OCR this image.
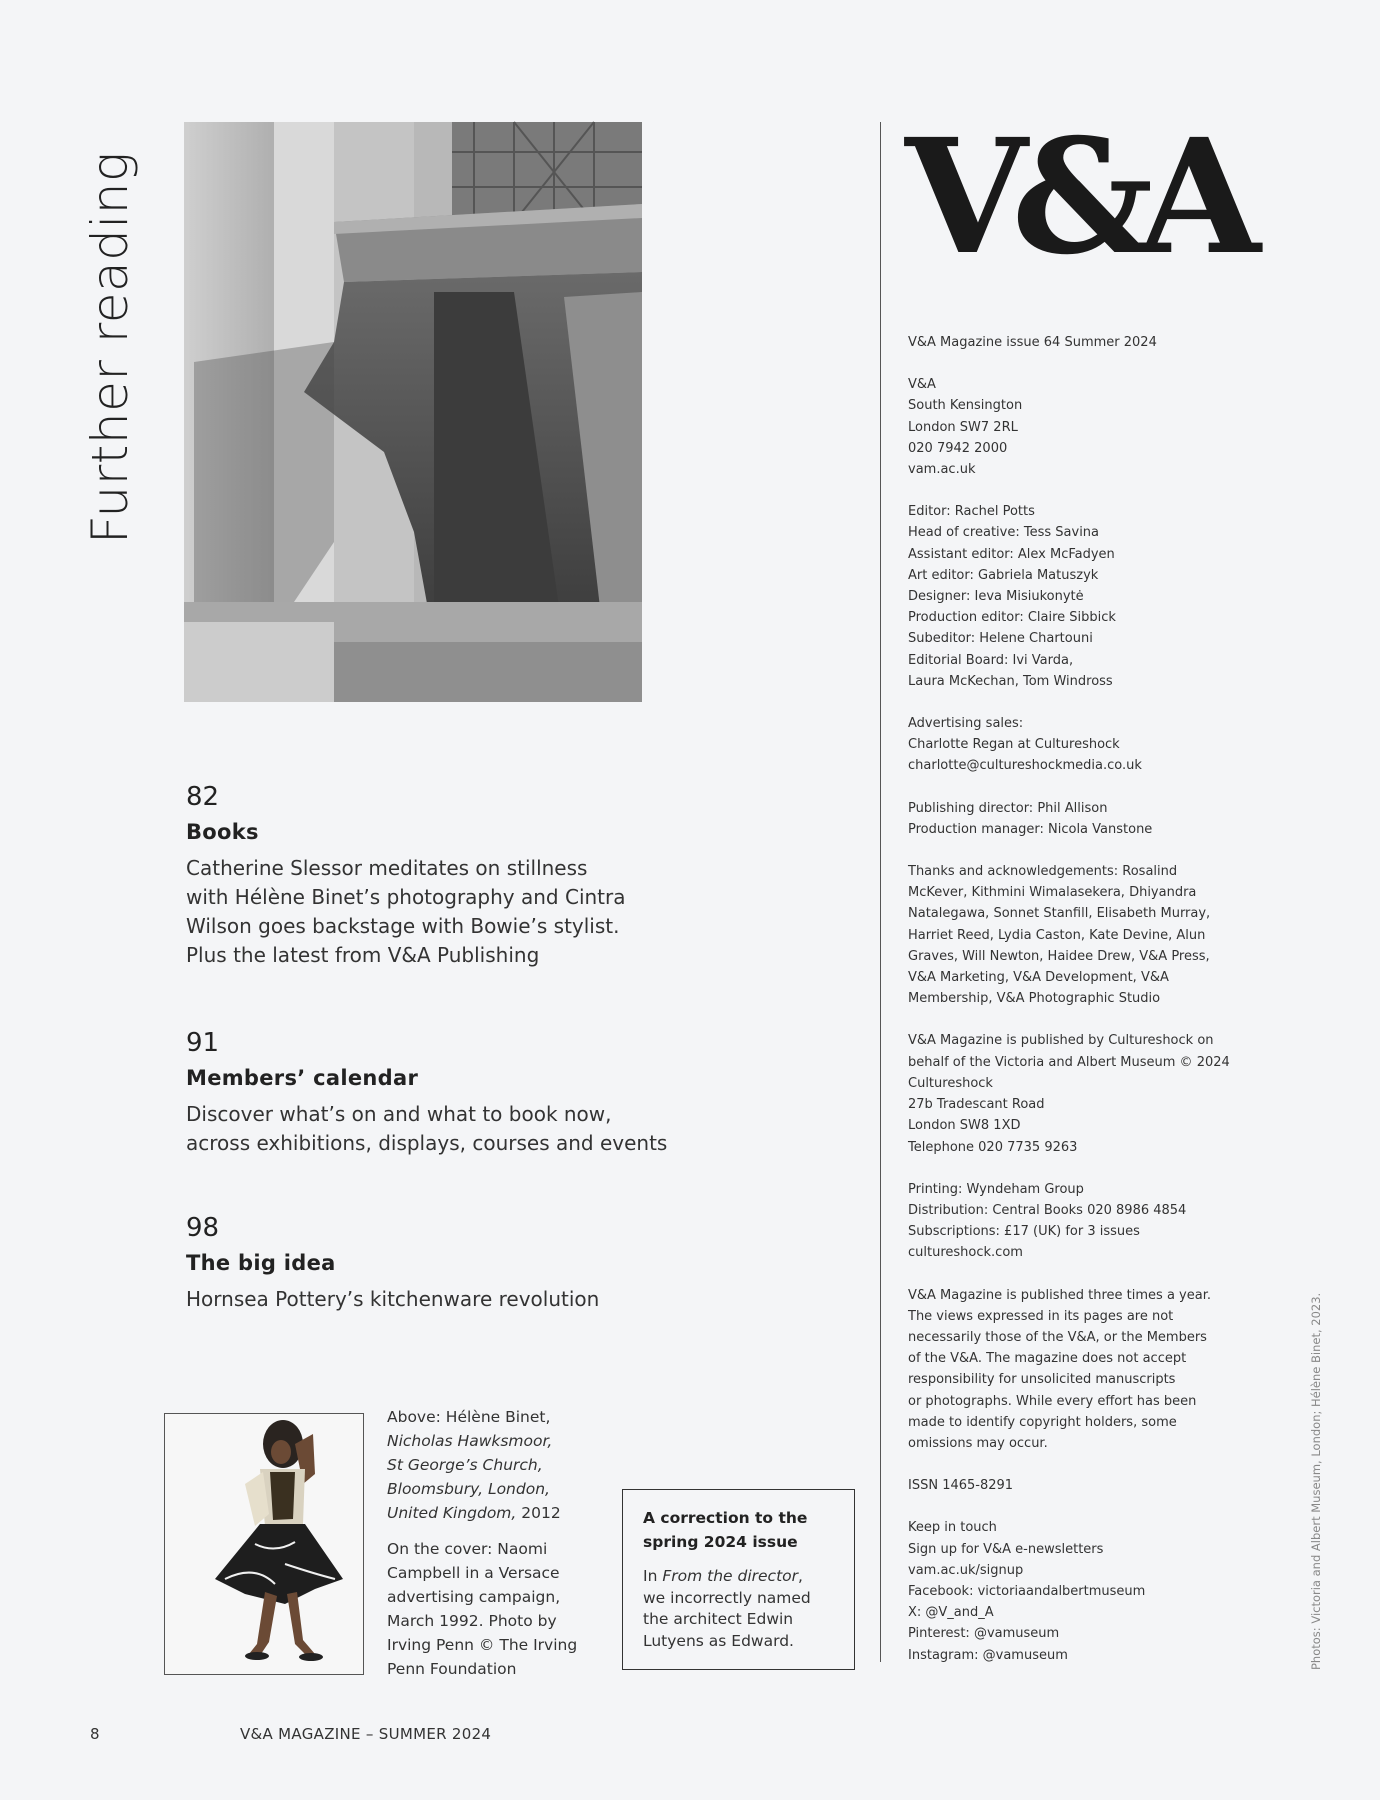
Further reading
82
Books
Catherine Slessor meditates on stillness
with Hélène Binet’s photography and Cintra
Wilson goes backstage with Bowie’s stylist.
Plus the latest from V&A Publishing
91
Members’ calendar
Discover what’s on and what to book now,
across exhibitions, displays, courses and events
98
The big idea
Hornsea Pottery’s kitchenware revolution
Above: Hélène Binet,
Nicholas Hawksmoor,
St George’s Church,
Bloomsbury, London,
United Kingdom, 2012
On the cover: Naomi
Campbell in a Versace
advertising campaign,
March 1992. Photo by
Irving Penn © The Irving
Penn Foundation
A correction to the
spring 2024 issue
In From the director,
we incorrectly named
the architect Edwin
Lutyens as Edward.
V&A
V&A Magazine issue 64 Summer 2024
V&A
South Kensington
London SW7 2RL
020 7942 2000
vam.ac.uk
Editor: Rachel Potts
Head of creative: Tess Savina
Assistant editor: Alex McFadyen
Art editor: Gabriela Matuszyk
Designer: Ieva Misiukonytė
Production editor: Claire Sibbick
Subeditor: Helene Chartouni
Editorial Board: Ivi Varda,
Laura McKechan, Tom Windross
Advertising sales:
Charlotte Regan at Cultureshock
charlotte@cultureshockmedia.co.uk
Publishing director: Phil Allison
Production manager: Nicola Vanstone
Thanks and acknowledgements: Rosalind
McKever, Kithmini Wimalasekera, Dhiyandra
Natalegawa, Sonnet Stanfill, Elisabeth Murray,
Harriet Reed, Lydia Caston, Kate Devine, Alun
Graves, Will Newton, Haidee Drew, V&A Press,
V&A Marketing, V&A Development, V&A
Membership, V&A Photographic Studio
V&A Magazine is published by Cultureshock on
behalf of the Victoria and Albert Museum © 2024
Cultureshock
27b Tradescant Road
London SW8 1XD
Telephone 020 7735 9263
Printing: Wyndeham Group
Distribution: Central Books 020 8986 4854
Subscriptions: £17 (UK) for 3 issues
cultureshock.com
V&A Magazine is published three times a year.
The views expressed in its pages are not
necessarily those of the V&A, or the Members
of the V&A. The magazine does not accept
responsibility for unsolicited manuscripts
or photographs. While every effort has been
made to identify copyright holders, some
omissions may occur.
ISSN 1465-8291
Keep in touch
Sign up for V&A e-newsletters
vam.ac.uk/signup
Facebook: victoriaandalbertmuseum
X: @V_and_A
Pinterest: @vamuseum
Instagram: @vamuseum	Photos: Victoria and Albert Museum, London; Hélène Binet, 2023.
8	V&A MAGAZINE – SUMMER 2024
